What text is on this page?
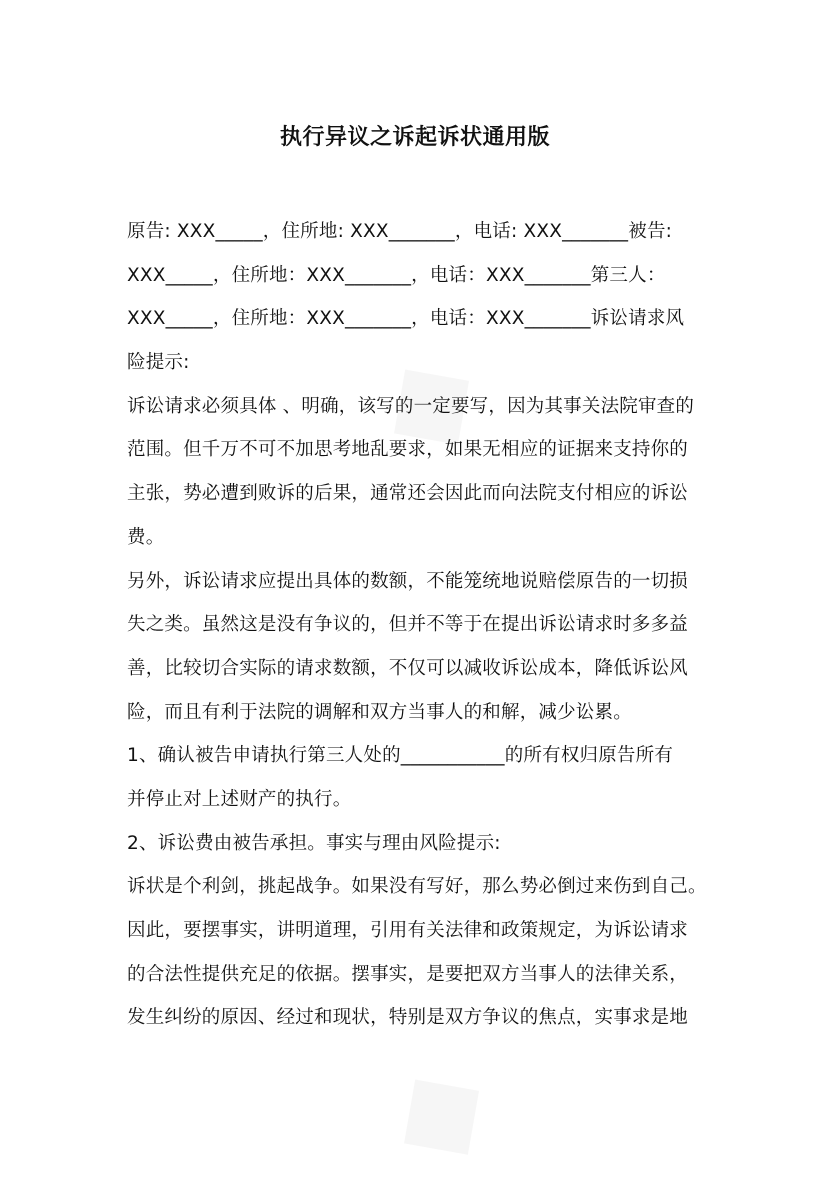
执行异议之诉起诉状通用版
原告: XXX_____，住所地: XXX_______，电话: XXX_______被告:
XXX_____，住所地：XXX_______，电话：XXX_______第三人：
XXX_____，住所地：XXX_______，电话：XXX_______诉讼请求风
险提示:
诉讼请求必须具体 、明确，该写的一定要写，因为其事关法院审查的
范围。但千万不可不加思考地乱要求，如果无相应的证据来支持你的
主张，势必遭到败诉的后果，通常还会因此而向法院支付相应的诉讼
费。
另外，诉讼请求应提出具体的数额，不能笼统地说赔偿原告的一切损
失之类。虽然这是没有争议的，但并不等于在提出诉讼请求时多多益
善，比较切合实际的请求数额，不仅可以减收诉讼成本，降低诉讼风
险，而且有利于法院的调解和双方当事人的和解，减少讼累。
1、确认被告申请执行第三人处的___________的所有权归原告所有
并停止对上述财产的执行。
2、诉讼费由被告承担。事实与理由风险提示:
诉状是个利剑，挑起战争。如果没有写好，那么势必倒过来伤到自己。
因此，要摆事实，讲明道理，引用有关法律和政策规定，为诉讼请求
的合法性提供充足的依据。摆事实，是要把双方当事人的法律关系，
发生纠纷的原因、经过和现状，特别是双方争议的焦点，实事求是地
